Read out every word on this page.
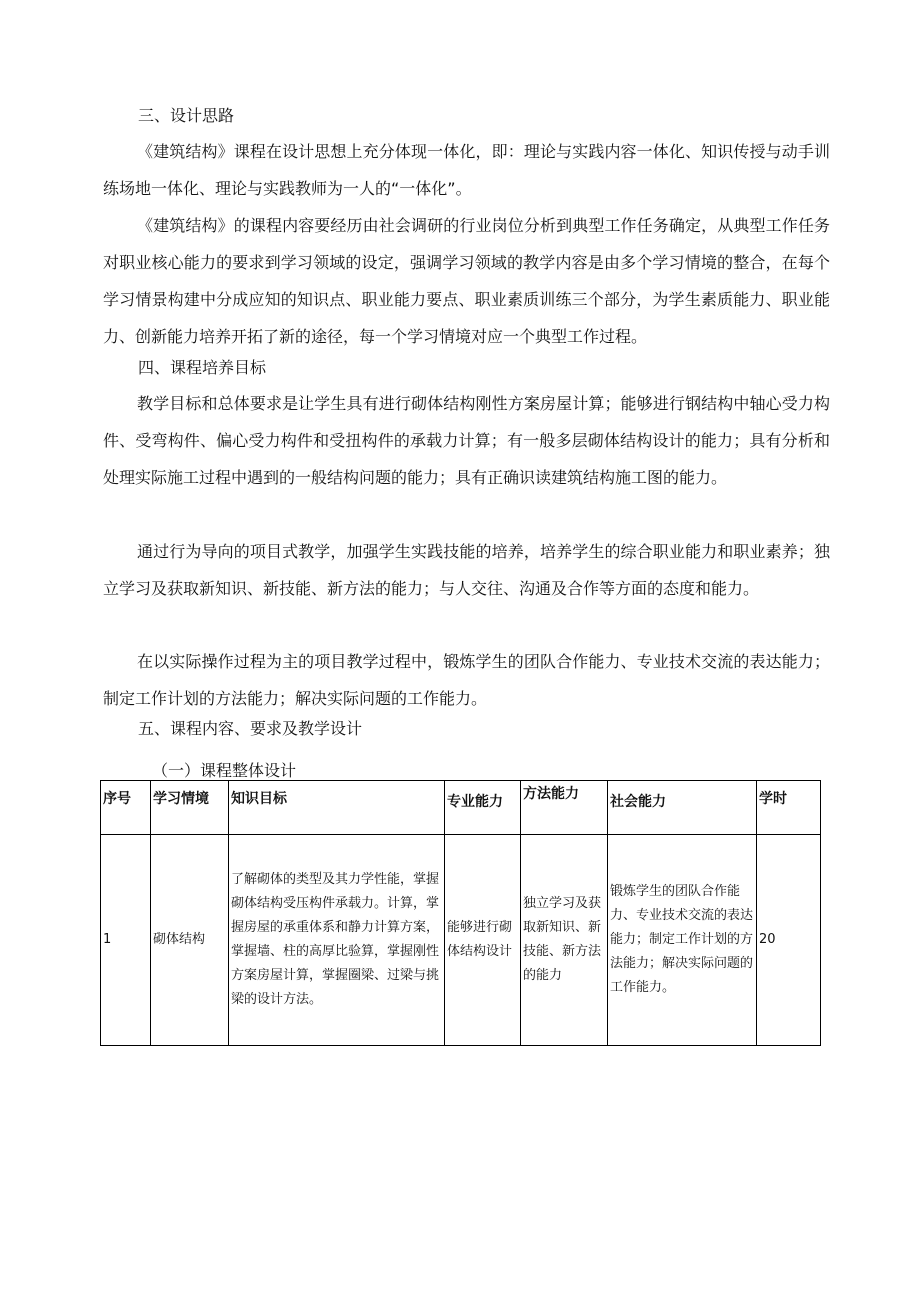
三、设计思路

《建筑结构》课程在设计思想上充分体现一体化，即：理论与实践内容一体化、知识传授与动手训练场地一体化、理论与实践教师为一人的“一体化”。

《建筑结构》的课程内容要经历由社会调研的行业岗位分析到典型工作任务确定，从典型工作任务对职业核心能力的要求到学习领域的设定，强调学习领域的教学内容是由多个学习情境的整合，在每个学习情景构建中分成应知的知识点、职业能力要点、职业素质训练三个部分，为学生素质能力、职业能力、创新能力培养开拓了新的途径，每一个学习情境对应一个典型工作过程。

四、课程培养目标

教学目标和总体要求是让学生具有进行砌体结构刚性方案房屋计算；能够进行钢结构中轴心受力构件、受弯构件、偏心受力构件和受扭构件的承载力计算；有一般多层砌体结构设计的能力；具有分析和处理实际施工过程中遇到的一般结构问题的能力；具有正确识读建筑结构施工图的能力。

通过行为导向的项目式教学，加强学生实践技能的培养，培养学生的综合职业能力和职业素养；独立学习及获取新知识、新技能、新方法的能力；与人交往、沟通及合作等方面的态度和能力。

在以实际操作过程为主的项目教学过程中，锻炼学生的团队合作能力、专业技术交流的表达能力；制定工作计划的方法能力；解决实际问题的工作能力。

五、课程内容、要求及教学设计
（一）课程整体设计
序号	学习情境	知识目标	专业能力	方法能力	社会能力	学时
1	砌体结构	了解砌体的类型及其力学性能，掌握砌体结构受压构件承载力。计算，掌握房屋的承重体系和静力计算方案，掌握墙、柱的高厚比验算，掌握刚性方案房屋计算，掌握圈梁、过梁与挑梁的设计方法。	能够进行砌体结构设计	独立学习及获取新知识、新技能、新方法的能力	锻炼学生的团队合作能力、专业技术交流的表达能力；制定工作计划的方法能力；解决实际问题的工作能力。	20
